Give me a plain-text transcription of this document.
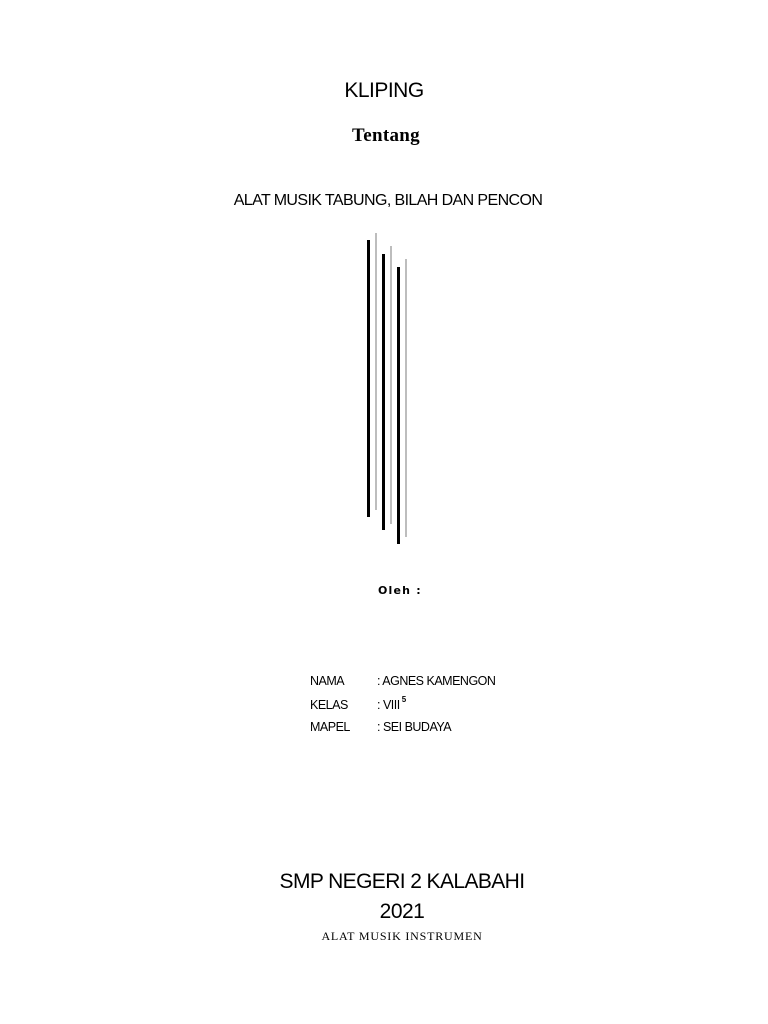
KLIPING
Tentang
ALAT MUSIK TABUNG, BILAH DAN PENCON
Oleh :
NAMA	: AGNES KAMENGON
KELAS : VIII $^5$
MAPEL : SEI BUDAYA
SMP NEGERI 2 KALABAHI
2021
ALAT MUSIK INSTRUMEN
